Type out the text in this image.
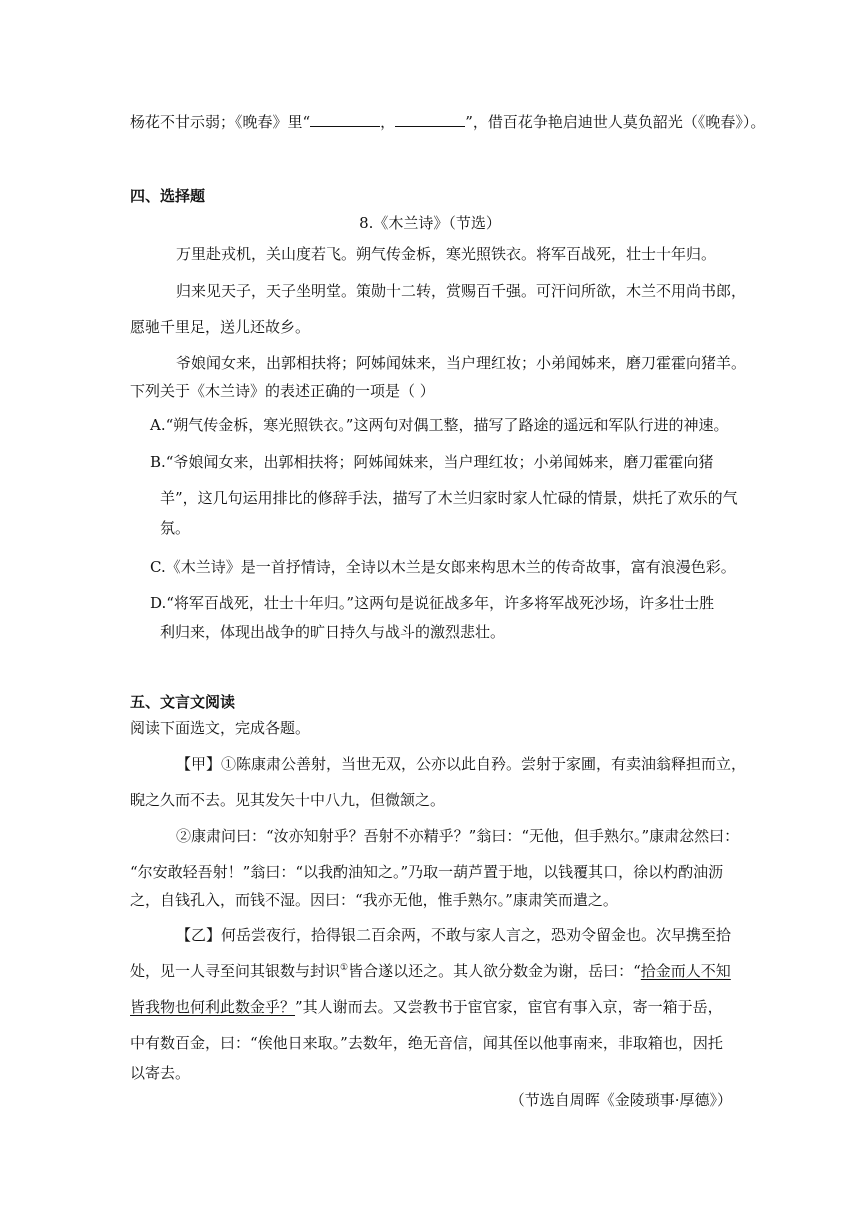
杨花不甘示弱；《晚春》里“	，	”，借百花争艳启迪世人莫负韶光（《晚春》）。
四、选择题
8.《木兰诗》（节选）
万里赴戎机，关山度若飞。朔气传金柝，寒光照铁衣。将军百战死，壮士十年归。
归来见天子，天子坐明堂。策勋十二转，赏赐百千强。可汗问所欲，木兰不用尚书郎，
愿驰千里足，送儿还故乡。
爷娘闻女来，出郭相扶将；阿姊闻妹来，当户理红妆；小弟闻姊来，磨刀霍霍向猪羊。
下列关于《木兰诗》的表述正确的一项是（ ）
A.“朔气传金柝，寒光照铁衣。”这两句对偶工整，描写了路途的遥远和军队行进的神速。
B.“爷娘闻女来，出郭相扶将；阿姊闻妹来，当户理红妆；小弟闻姊来，磨刀霍霍向猪
羊”，这几句运用排比的修辞手法，描写了木兰归家时家人忙碌的情景，烘托了欢乐的气
氛。
C.《木兰诗》是一首抒情诗，全诗以木兰是女郎来构思木兰的传奇故事，富有浪漫色彩。
D.“将军百战死，壮士十年归。”这两句是说征战多年，许多将军战死沙场，许多壮士胜
利归来，体现出战争的旷日持久与战斗的激烈悲壮。
五、文言文阅读
阅读下面选文，完成各题。
【甲】①陈康肃公善射，当世无双，公亦以此自矜。尝射于家圃，有卖油翁释担而立，
睨之久而不去。见其发矢十中八九，但微颔之。
②康肃问曰：“汝亦知射乎？吾射不亦精乎？”翁曰：“无他，但手熟尔。”康肃忿然曰：
“尔安敢轻吾射！”翁曰：“以我酌油知之。”乃取一葫芦置于地，以钱覆其口，徐以杓酌油沥
之，自钱孔入，而钱不湿。因曰：“我亦无他，惟手熟尔。”康肃笑而遣之。
【乙】何岳尝夜行，拾得银二百余两，不敢与家人言之，恐劝令留金也。次早携至拾
处，见一人寻至问其银数与封识①皆合遂以还之。其人欲分数金为谢，岳曰：“拾金而人不知
皆我物也何利此数金乎？”其人谢而去。又尝教书于宦官家，宦官有事入京，寄一箱于岳，
中有数百金，曰：“俟他日来取。”去数年，绝无音信，闻其侄以他事南来，非取箱也，因托
以寄去。
（节选自周晖《金陵琐事·厚德》）
